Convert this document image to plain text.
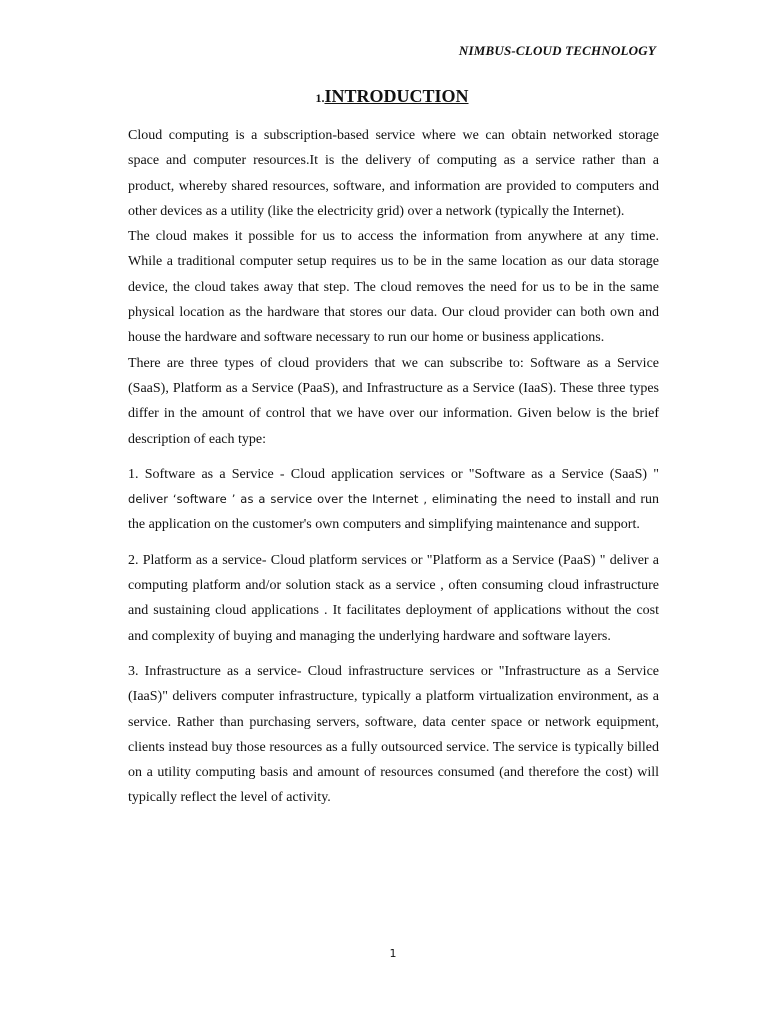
NIMBUS-CLOUD TECHNOLOGY
1.INTRODUCTION

Cloud computing is a subscription-based service where we can obtain networked storage space and computer resources.It is the delivery of computing as a service rather than a product, whereby shared resources, software, and information are provided to computers and other devices as a utility (like the electricity grid) over a network (typically the Internet).

The cloud makes it possible for us to access the information from anywhere at any time. While a traditional computer setup requires us to be in the same location as our data storage device, the cloud takes away that step. The cloud removes the need for us to be in the same physical location as the hardware that stores our data. Our cloud provider can both own and house the hardware and software necessary to run our home or business applications.

There are three types of cloud providers that we can subscribe to: Software as a Service (SaaS), Platform as a Service (PaaS), and Infrastructure as a Service (IaaS). These three types differ in the amount of control that we have over our information. Given below is the brief description of each type:

1. Software as a Service - Cloud application services or "Software as a Service (SaaS) " deliver ‘software ’ as a service over the Internet , eliminating the need to install and run the application on the customer's own computers and simplifying maintenance and support.

2. Platform as a service- Cloud platform services or "Platform as a Service (PaaS) " deliver a computing platform and/or solution stack as a service , often consuming cloud infrastructure and sustaining cloud applications . It facilitates deployment of applications without the cost and complexity of buying and managing the underlying hardware and software layers.

3. Infrastructure as a service- Cloud infrastructure services or "Infrastructure as a Service (IaaS)" delivers computer infrastructure, typically a platform virtualization environment, as a service. Rather than purchasing servers, software, data center space or network equipment, clients instead buy those resources as a fully outsourced service. The service is typically billed on a utility computing basis and amount of resources consumed (and therefore the cost) will typically reflect the level of activity.

1
